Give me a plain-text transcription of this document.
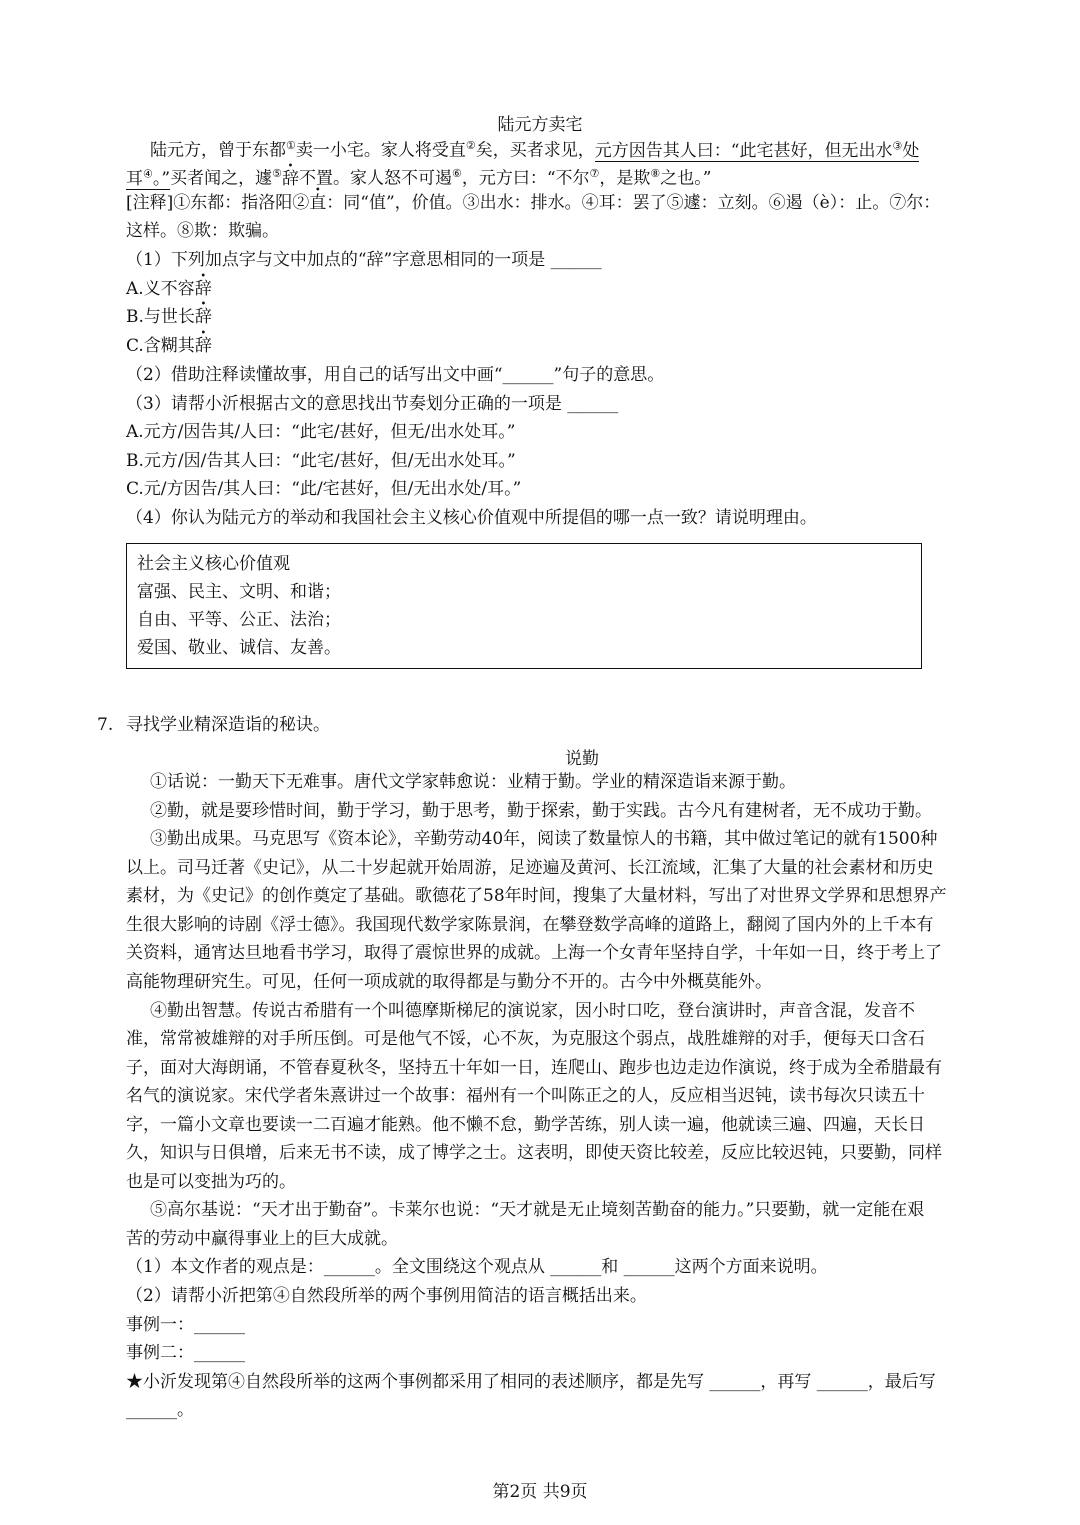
陆元方卖宅
陆元方，曾于东都①卖一小宅。家人将受直②矣，买者求见，元方因告其人曰：“此宅甚好，但无出水③处
耳④。”买者闻之，遽⑤辞不置。家人怒不可遏⑥，元方曰：“不尔⑦，是欺⑧之也。”
[注释]①东都：指洛阳②直：同“值”，价值。③出水：排水。④耳：罢了⑤遽：立刻。⑥遏（è）：止。⑦尔：
这样。⑧欺：欺骗。
（1）下列加点字与文中加点的“辞”字意思相同的一项是 ______
A.义不容辞
B.与世长辞
C.含糊其辞
（2）借助注释读懂故事，用自己的话写出文中画“______”句子的意思。
（3）请帮小沂根据古文的意思找出节奏划分正确的一项是 ______
A.元方/因告其/人曰：“此宅/甚好，但无/出水处耳。”
B.元方/因/告其人曰：“此宅/甚好，但/无出水处耳。”
C.元/方因告/其人曰：“此/宅甚好，但/无出水处/耳。”
（4）你认为陆元方的举动和我国社会主义核心价值观中所提倡的哪一点一致？请说明理由。
社会主义核心价值观
富强、民主、文明、和谐；
自由、平等、公正、法治；
爱国、敬业、诚信、友善。
7. 寻找学业精深造诣的秘诀。
说勤
①话说：一勤天下无难事。唐代文学家韩愈说：业精于勤。学业的精深造诣来源于勤。
②勤，就是要珍惜时间，勤于学习，勤于思考，勤于探索，勤于实践。古今凡有建树者，无不成功于勤。
③勤出成果。马克思写《资本论》，辛勤劳动40年，阅读了数量惊人的书籍，其中做过笔记的就有1500种
以上。司马迁著《史记》，从二十岁起就开始周游，足迹遍及黄河、长江流域，汇集了大量的社会素材和历史
素材，为《史记》的创作奠定了基础。歌德花了58年时间，搜集了大量材料，写出了对世界文学界和思想界产
生很大影响的诗剧《浮士德》。我国现代数学家陈景润，在攀登数学高峰的道路上，翻阅了国内外的上千本有
关资料，通宵达旦地看书学习，取得了震惊世界的成就。上海一个女青年坚持自学，十年如一日，终于考上了
高能物理研究生。可见，任何一项成就的取得都是与勤分不开的。古今中外概莫能外。
④勤出智慧。传说古希腊有一个叫德摩斯梯尼的演说家，因小时口吃，登台演讲时，声音含混，发音不
准，常常被雄辩的对手所压倒。可是他气不馁，心不灰，为克服这个弱点，战胜雄辩的对手，便每天口含石
子，面对大海朗诵，不管春夏秋冬，坚持五十年如一日，连爬山、跑步也边走边作演说，终于成为全希腊最有
名气的演说家。宋代学者朱熹讲过一个故事：福州有一个叫陈正之的人，反应相当迟钝，读书每次只读五十
字，一篇小文章也要读一二百遍才能熟。他不懒不怠，勤学苦练，别人读一遍，他就读三遍、四遍，天长日
久，知识与日俱增，后来无书不读，成了博学之士。这表明，即使天资比较差，反应比较迟钝，只要勤，同样
也是可以变拙为巧的。
⑤高尔基说：“天才出于勤奋”。卡莱尔也说：“天才就是无止境刻苦勤奋的能力。”只要勤，就一定能在艰
苦的劳动中赢得事业上的巨大成就。
（1）本文作者的观点是：______。全文围绕这个观点从 ______和 ______这两个方面来说明。
（2）请帮小沂把第④自然段所举的两个事例用简洁的语言概括出来。
事例一：______
事例二：______
★小沂发现第④自然段所举的这两个事例都采用了相同的表述顺序，都是先写 ______，再写 ______，最后写
______。
第2页 共9页
